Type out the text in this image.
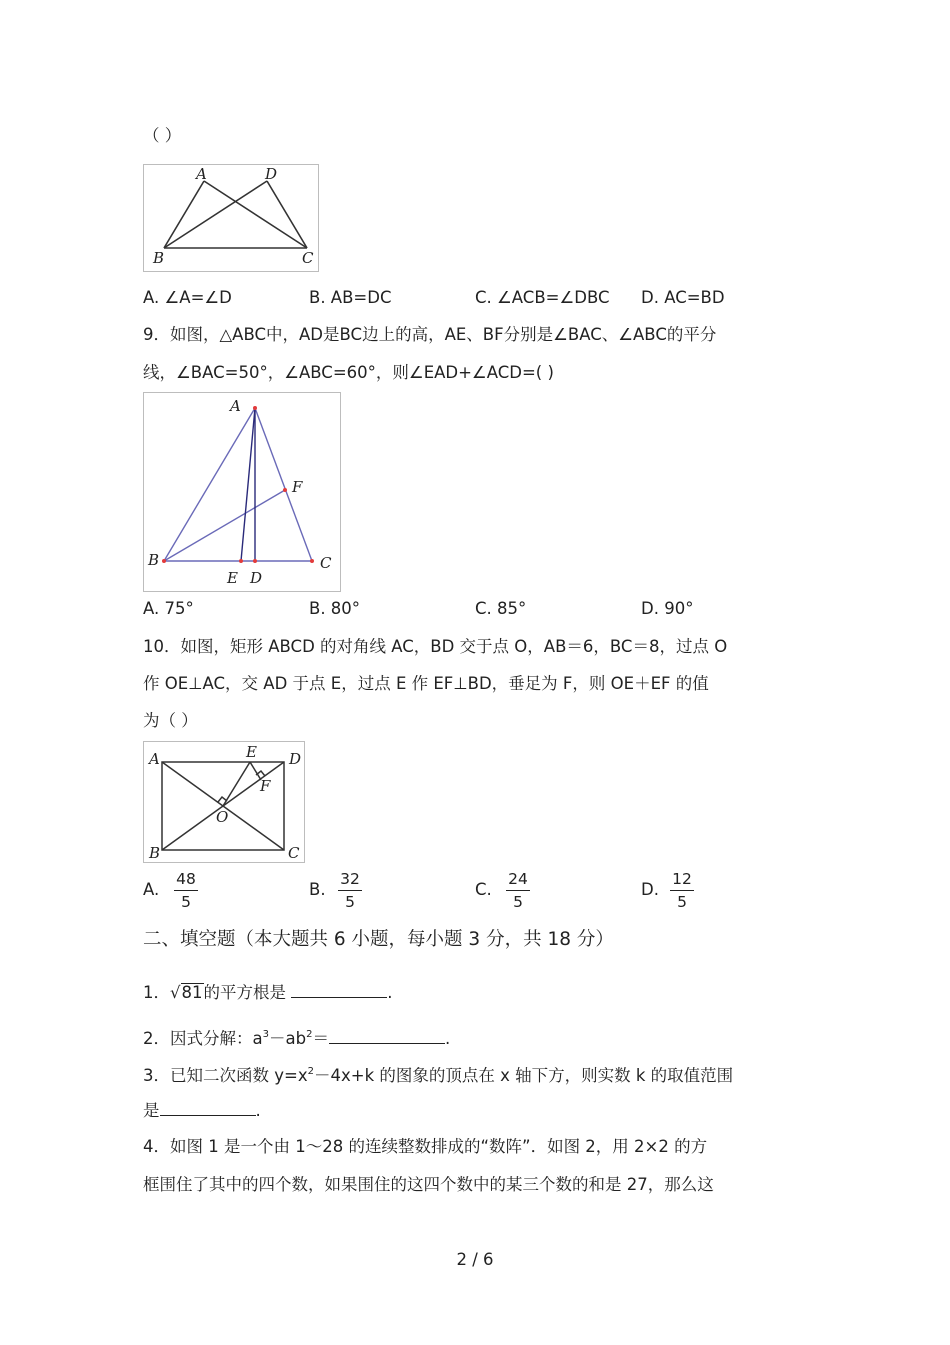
（ ）
A	D
B	C
A. ∠A=∠D	B. AB=DC	C. ∠ACB=∠DBC D. AC=BD
9．如图，△ABC中，AD是BC边上的高，AE、BF分别是∠BAC、∠ABC的平分
线，∠BAC=50°，∠ABC=60°，则∠EAD+∠ACD=( )
A
B	C
D
E
F
A. 75°	B. 80°	C. 85°	D. 90°
10．如图，矩形 ABCD 的对角线 AC，BD 交于点 O，AB＝6，BC＝8，过点 O
作 OE⊥AC，交 AD 于点 E，过点 E 作 EF⊥BD，垂足为 F，则 OE＋EF 的值
为（ ）
A	D
B	C
E
F
O
A.
48
5
B.
32
5
C.
24
5
D.
12
5
二、填空题（本大题共 6 小题，每小题 3 分，共 18 分）
1．√81的平方根是	.
2．因式分解：$a^3-ab^2=$	.
3．已知二次函数 $y=x^2-4x+k$ 的图象的顶点在 x 轴下方，则实数 k 的取值范围
是	.
4．如图 1 是一个由 1～28 的连续整数排成的“数阵”．如图 2，用 2×2 的方
框围住了其中的四个数，如果围住的这四个数中的某三个数的和是 27，那么这
2 / 6
